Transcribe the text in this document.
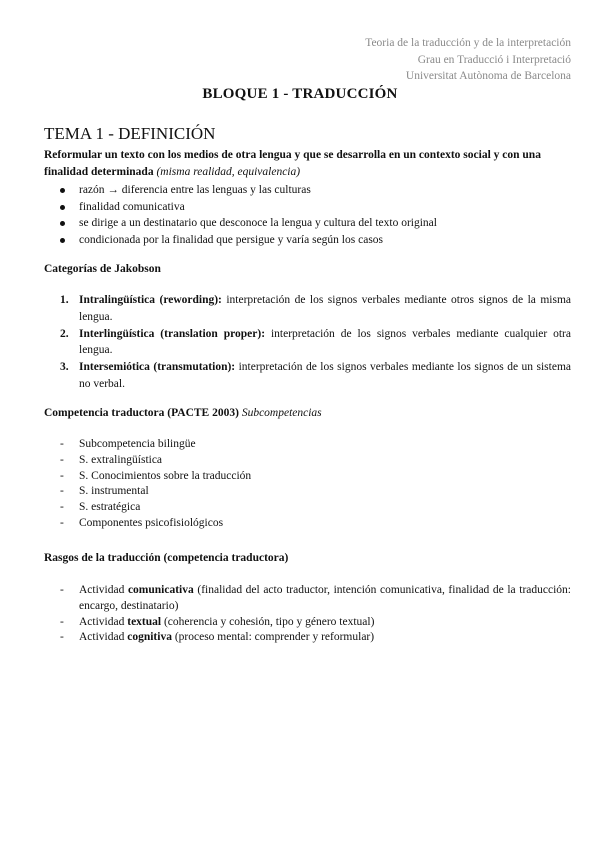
Teoria de la traducción y de la interpretación
Grau en Traducció i Interpretació
Universitat Autònoma de Barcelona
BLOQUE 1 - TRADUCCIÓN
TEMA 1 - DEFINICIÓN
Reformular un texto con los medios de otra lengua y que se desarrolla en un contexto social y con una finalidad determinada (misma realidad, equivalencia)
razón → diferencia entre las lenguas y las culturas
finalidad comunicativa
se dirige a un destinatario que desconoce la lengua y cultura del texto original
condicionada por la finalidad que persigue y varía según los casos
Categorías de Jakobson
1. Intralingüística (rewording): interpretación de los signos verbales mediante otros signos de la misma lengua.
2. Interlingüística (translation proper): interpretación de los signos verbales mediante cualquier otra lengua.
3. Intersemiótica (transmutation): interpretación de los signos verbales mediante los signos de un sistema no verbal.
Competencia traductora (PACTE 2003) Subcompetencias
- Subcompetencia bilingüe
- S. extralingüística
- S. Conocimientos sobre la traducción
- S. instrumental
- S. estratégica
- Componentes psicofisiológicos
Rasgos de la traducción (competencia traductora)
- Actividad comunicativa (finalidad del acto traductor, intención comunicativa, finalidad de la traducción: encargo, destinatario)
- Actividad textual (coherencia y cohesión, tipo y género textual)
- Actividad cognitiva (proceso mental: comprender y reformular)
